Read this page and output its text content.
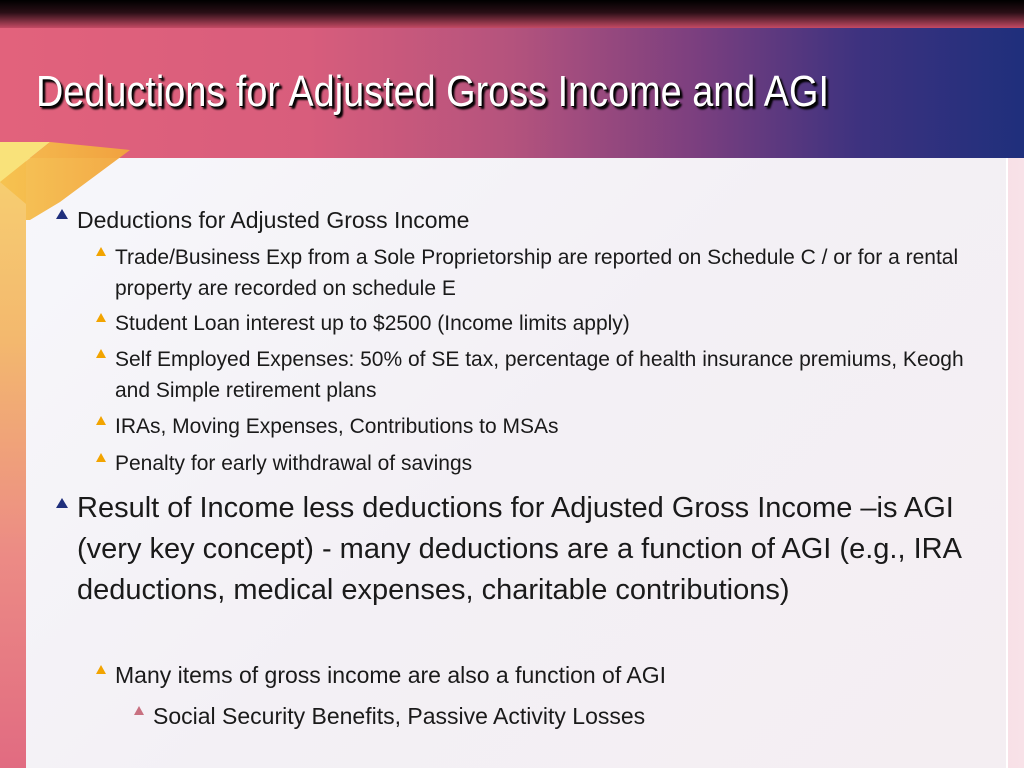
Deductions for Adjusted Gross Income and AGI
Deductions for Adjusted Gross Income
Trade/Business Exp from a Sole Proprietorship are reported on Schedule C / or for a rental property are recorded on schedule E
Student Loan interest up to $2500 (Income limits apply)
Self Employed Expenses: 50% of SE tax, percentage of health insurance premiums, Keogh and Simple retirement plans
IRAs, Moving Expenses, Contributions to MSAs
Penalty for early withdrawal of savings
Result of Income less deductions for Adjusted Gross Income –is AGI (very key concept) - many deductions are a function of AGI (e.g., IRA deductions, medical expenses, charitable contributions)
Many items of gross income are also a function of AGI
Social Security Benefits, Passive Activity Losses
